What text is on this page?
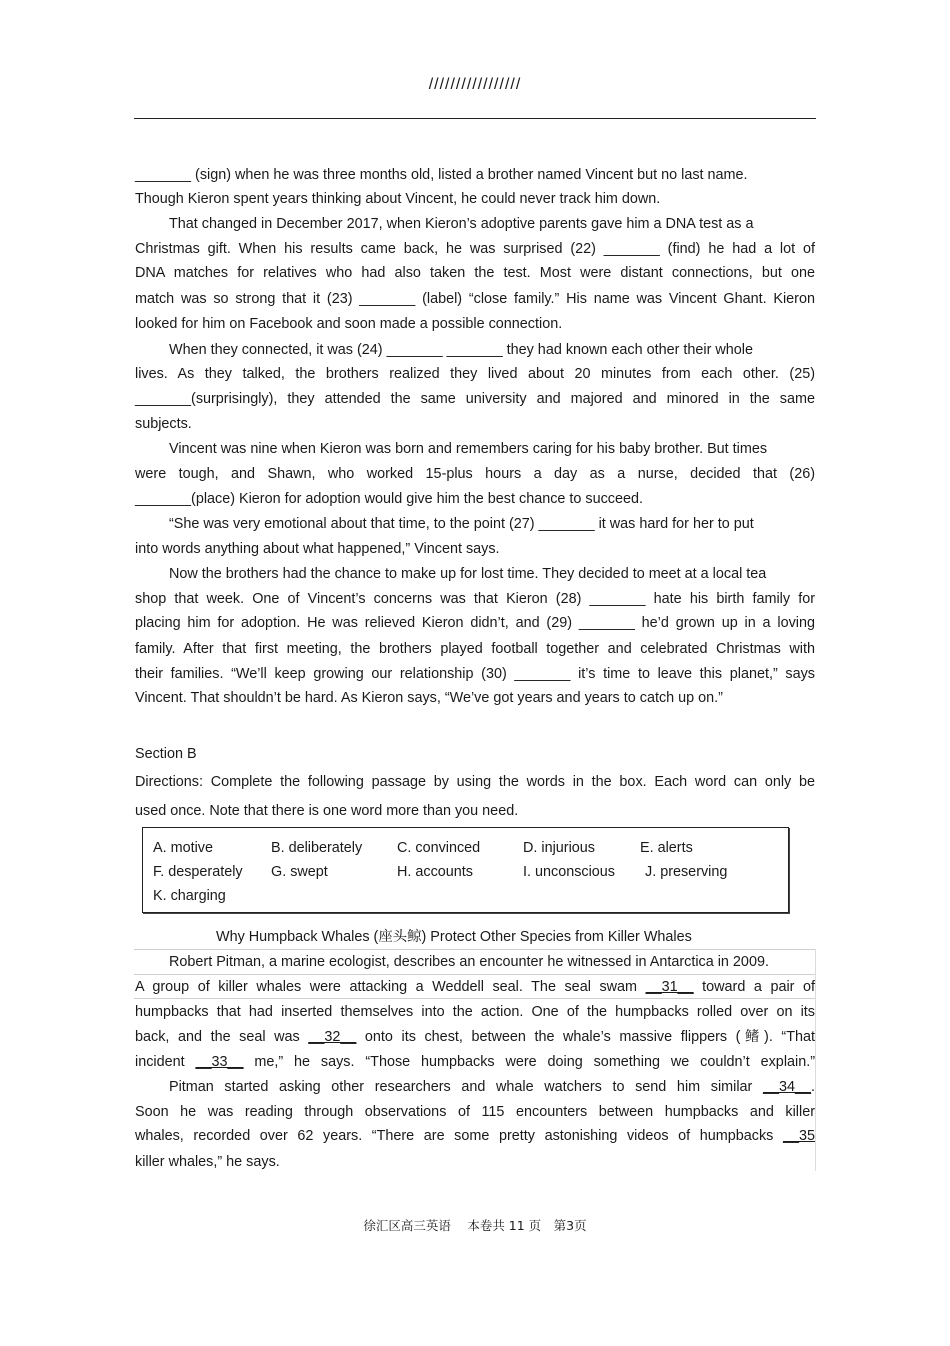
/////////////////
_______ (sign) when he was three months old, listed a brother named Vincent but no last name.
Though Kieron spent years thinking about Vincent, he could never track him down.
That changed in December 2017, when Kieron’s adoptive parents gave him a DNA test as a
Christmas gift. When his results came back, he was surprised (22) _______ (find) he had a lot of
DNA matches for relatives who had also taken the test. Most were distant connections, but one
match was so strong that it (23) _______ (label) “close family.” His name was Vincent Ghant. Kieron
looked for him on Facebook and soon made a possible connection.
When they connected, it was (24) _______ _______ they had known each other their whole
lives. As they talked, the brothers realized they lived about 20 minutes from each other. (25)
_______(surprisingly), they attended the same university and majored and minored in the same
subjects.
Vincent was nine when Kieron was born and remembers caring for his baby brother. But times
were tough, and Shawn, who worked 15-plus hours a day as a nurse, decided that (26)
_______(place) Kieron for adoption would give him the best chance to succeed.
“She was very emotional about that time, to the point (27) _______ it was hard for her to put
into words anything about what happened,” Vincent says.
Now the brothers had the chance to make up for lost time. They decided to meet at a local tea
shop that week. One of Vincent’s concerns was that Kieron (28) _______ hate his birth family for
placing him for adoption. He was relieved Kieron didn’t, and (29) _______ he’d grown up in a loving
family. After that first meeting, the brothers played football together and celebrated Christmas with
their families. “We’ll keep growing our relationship (30) _______ it’s time to leave this planet,” says
Vincent. That shouldn’t be hard. As Kieron says, “We’ve got years and years to catch up on.”
Section B
Directions: Complete the following passage by using the words in the box. Each word can only be
used once. Note that there is one word more than you need.
A. motive	B. deliberately C. convinced	D. injurious	E. alerts
F. desperately G. swept	H. accounts	I. unconscious J. preserving
K. charging
Why Humpback Whales (座头鲸) Protect Other Species from Killer Whales
Robert Pitman, a marine ecologist, describes an encounter he witnessed in Antarctica in 2009.
A group of killer whales were attacking a Weddell seal. The seal swam __31__ toward a pair of
humpbacks that had inserted themselves into the action. One of the humpbacks rolled over on its
back, and the seal was __32__ onto its chest, between the whale’s massive flippers (鳍). “That
incident __33__ me,” he says. “Those humpbacks were doing something we couldn’t explain.”
Pitman started asking other researchers and whale watchers to send him similar __34__.
Soon he was reading through observations of 115 encounters between humpbacks and killer
whales, recorded over 62 years. “There are some pretty astonishing videos of humpbacks __35
killer whales,” he says.
徐汇区高三英语　 本卷共 11 页　第3页
